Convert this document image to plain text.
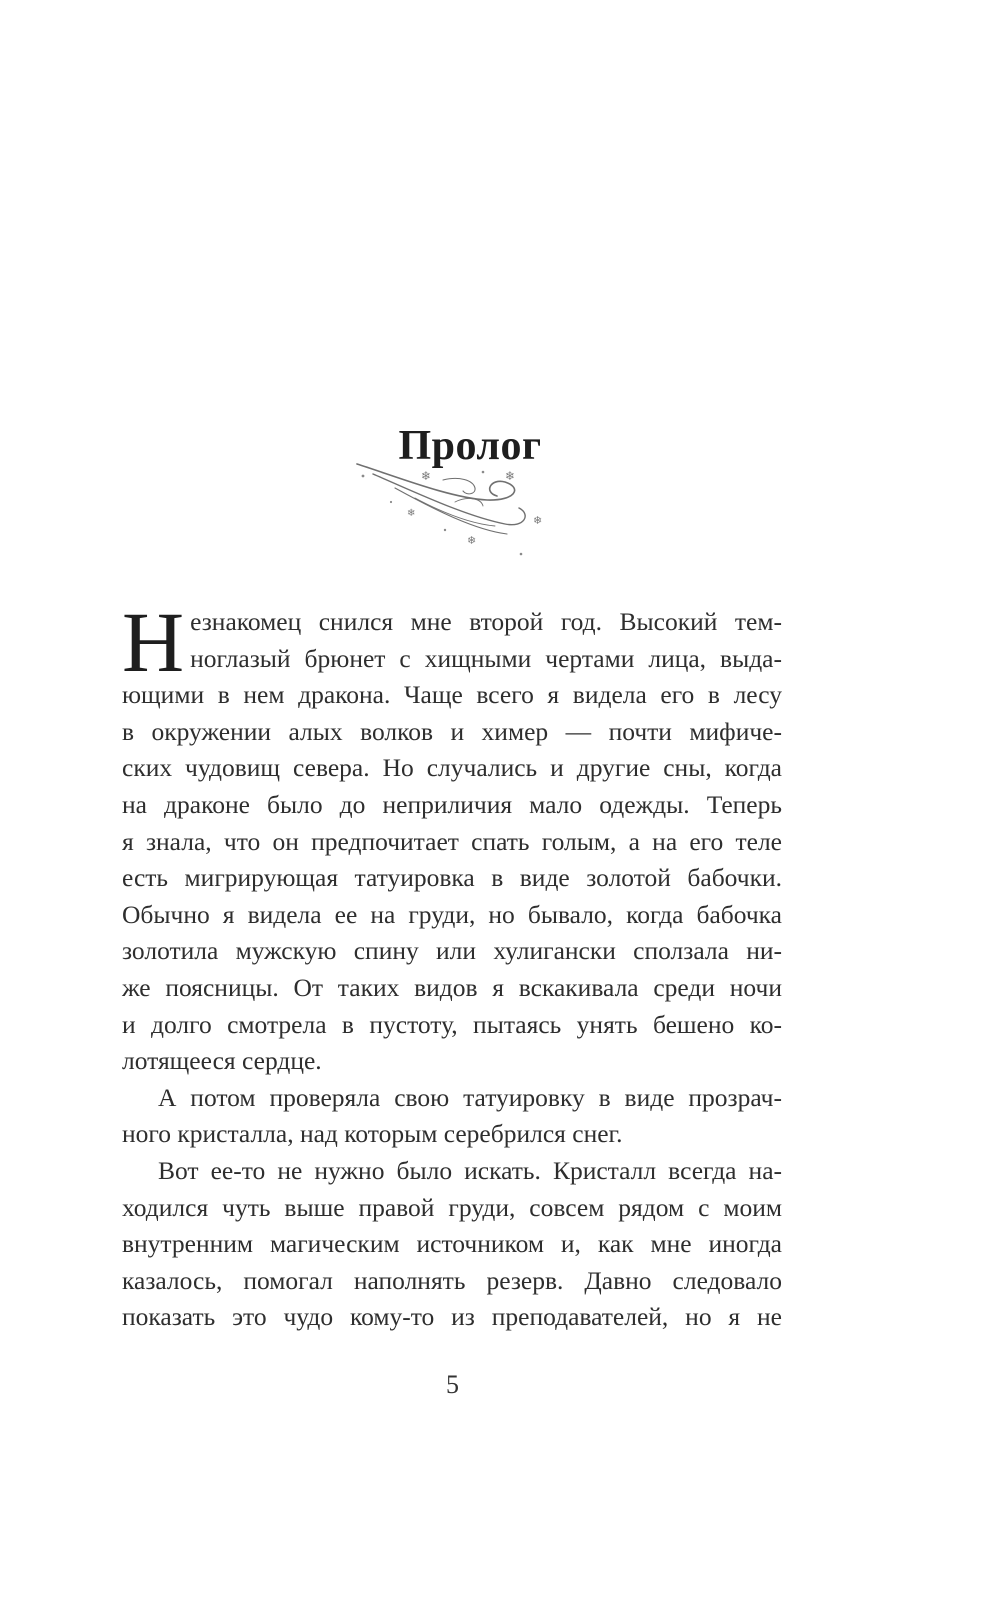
Пролог
❄	❄
❄
❄
❄

Н езнакомец снился мне второй год. Высокий тем-
ноглазый брюнет с хищными чертами лица, выда-
ющими в нем дракона. Чаще всего я видела его в лесу
в окружении алых волков и химер — почти мифиче-
ских чудовищ севера. Но случались и другие сны, когда
на драконе было до неприличия мало одежды. Теперь
я знала, что он предпочитает спать голым, а на его теле
есть мигрирующая татуировка в виде золотой бабочки.
Обычно я видела ее на груди, но бывало, когда бабочка
золотила мужскую спину или хулигански сползала ни-
же поясницы. От таких видов я вскакивала среди ночи
и долго смотрела в пустоту, пытаясь унять бешено ко-
лотящееся сердце.

А потом проверяла свою татуировку в виде прозрач-
ного кристалла, над которым серебрился снег.

Вот ее-то не нужно было искать. Кристалл всегда на-
ходился чуть выше правой груди, совсем рядом с моим
внутренним магическим источником и, как мне иногда
казалось, помогал наполнять резерв. Давно следовало
показать это чудо кому-то из преподавателей, но я не

5
